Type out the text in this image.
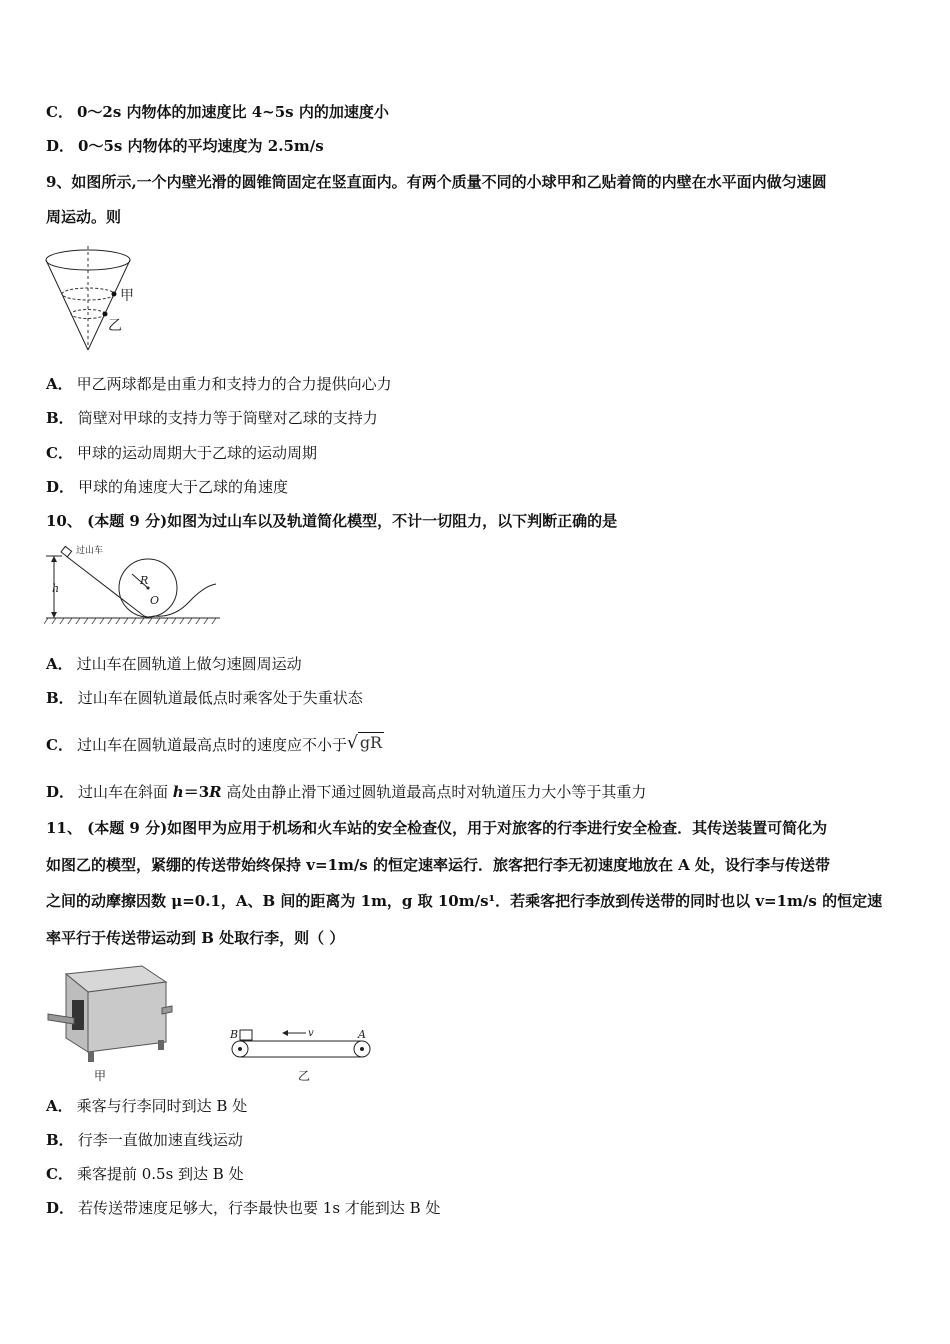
C． 0～2s 内物体的加速度比 4~5s 内的加速度小
D． 0～5s 内物体的平均速度为 2.5m/s
9、如图所示,一个内壁光滑的圆锥筒固定在竖直面内。有两个质量不同的小球甲和乙贴着筒的内壁在水平面内做匀速圆
周运动。则
甲
乙
A． 甲乙两球都是由重力和支持力的合力提供向心力
B． 筒壁对甲球的支持力等于筒壁对乙球的支持力
C． 甲球的运动周期大于乙球的运动周期
D． 甲球的角速度大于乙球的角速度
10、 (本题 9 分)如图为过山车以及轨道简化模型，不计一切阻力，以下判断正确的是
h
R
O
过山车
A． 过山车在圆轨道上做匀速圆周运动
B． 过山车在圆轨道最低点时乘客处于失重状态
C． 过山车在圆轨道最高点时的速度应不小于√ gR
D． 过山车在斜面 h＝3R 高处由静止滑下通过圆轨道最高点时对轨道压力大小等于其重力
11、 (本题 9 分)如图甲为应用于机场和火车站的安全检查仪，用于对旅客的行李进行安全检查．其传送装置可简化为
如图乙的模型，紧绷的传送带始终保持 v=1m/s 的恒定速率运行．旅客把行李无初速度地放在 A 处，设行李与传送带
之间的动摩擦因数 μ=0.1，A、B 间的距离为 1m，g 取 10m/s¹．若乘客把行李放到传送带的同时也以 v=1m/s 的恒定速
率平行于传送带运动到 B 处取行李，则（ ）
甲
B	v	A
乙
A． 乘客与行李同时到达 B 处
B． 行李一直做加速直线运动
C． 乘客提前 0.5s 到达 B 处
D． 若传送带速度足够大，行李最快也要 1s 才能到达 B 处
